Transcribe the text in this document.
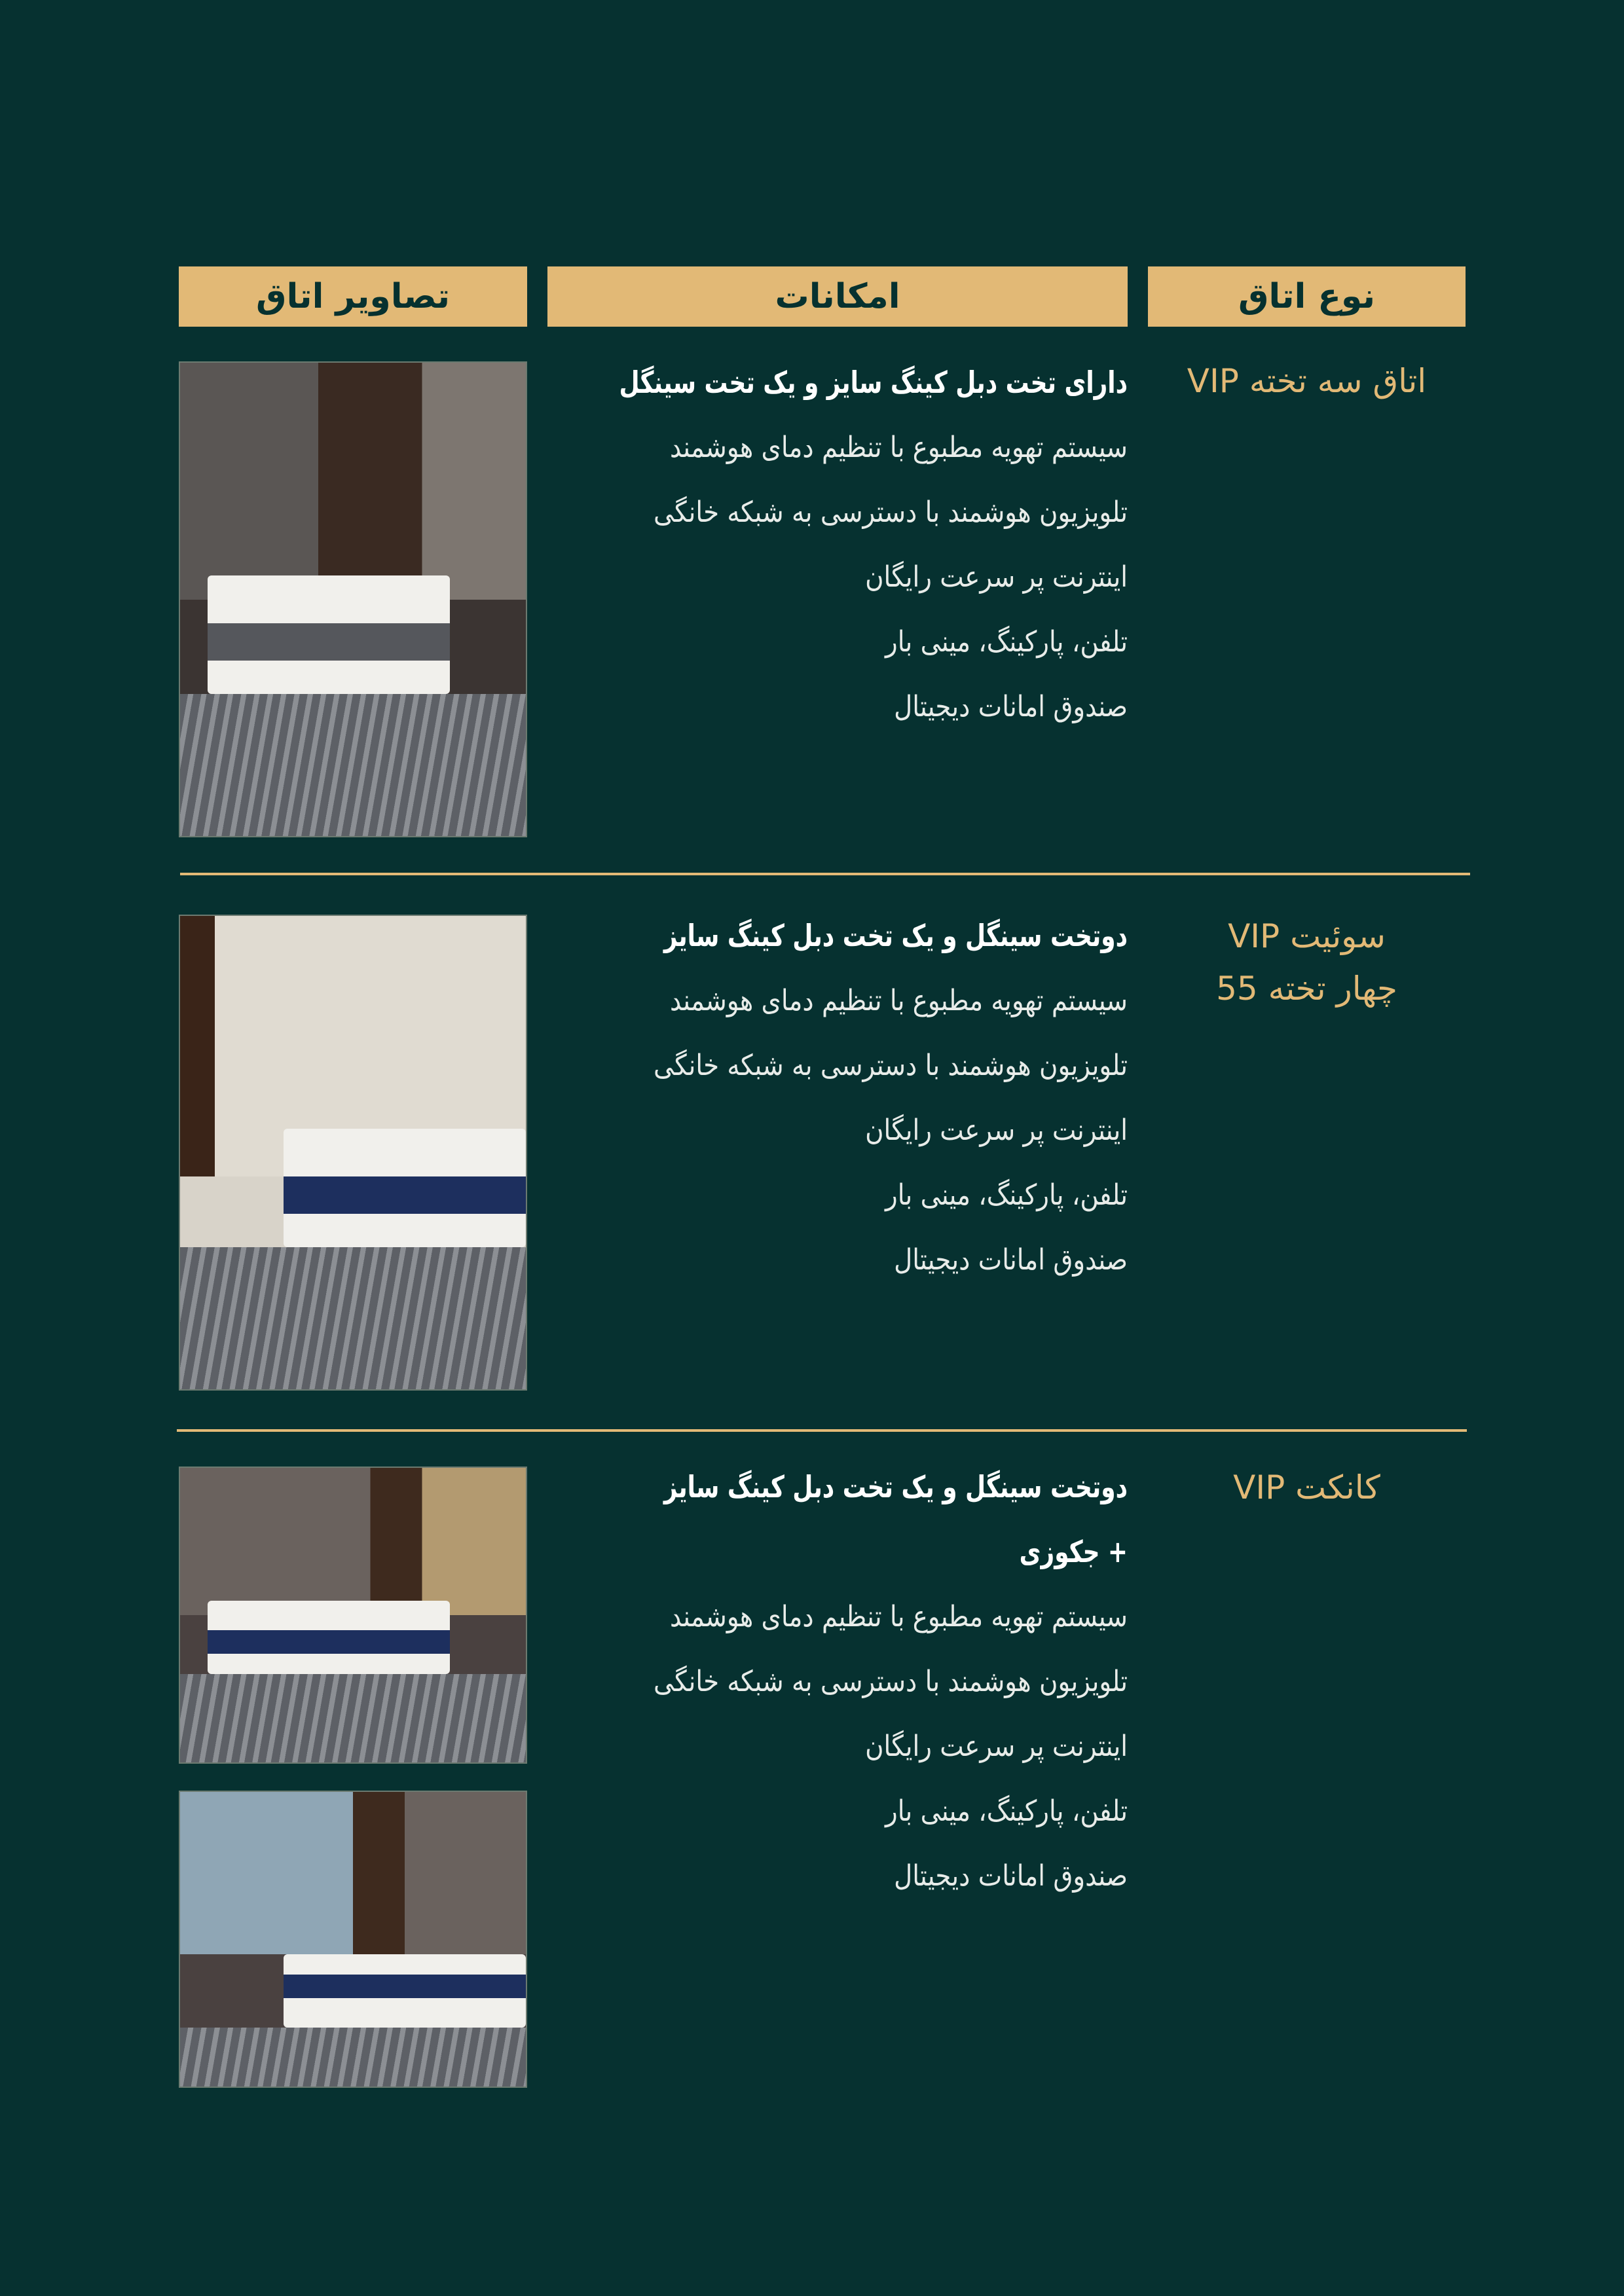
تصاویر اتاق	امکانات	نوع اتاق
اتاق سه تخته VIP
دارای تخت دبل کینگ سایز و یک تخت سینگل
سیستم تهویه مطبوع با تنظیم دمای هوشمند
تلویزیون هوشمند با دسترسی به شبکه خانگی
اینترنت پر سرعت رایگان
تلفن، پارکینگ، مینی بار
صندوق امانات دیجیتال
سوئیت VIP
چهار تخته 55
دوتخت سینگل و یک تخت دبل کینگ سایز
سیستم تهویه مطبوع با تنظیم دمای هوشمند
تلویزیون هوشمند با دسترسی به شبکه خانگی
اینترنت پر سرعت رایگان
تلفن، پارکینگ، مینی بار
صندوق امانات دیجیتال
کانکت VIP
دوتخت سینگل و یک تخت دبل کینگ سایز
+ جکوزی
سیستم تهویه مطبوع با تنظیم دمای هوشمند
تلویزیون هوشمند با دسترسی به شبکه خانگی
اینترنت پر سرعت رایگان
تلفن، پارکینگ، مینی بار
صندوق امانات دیجیتال
